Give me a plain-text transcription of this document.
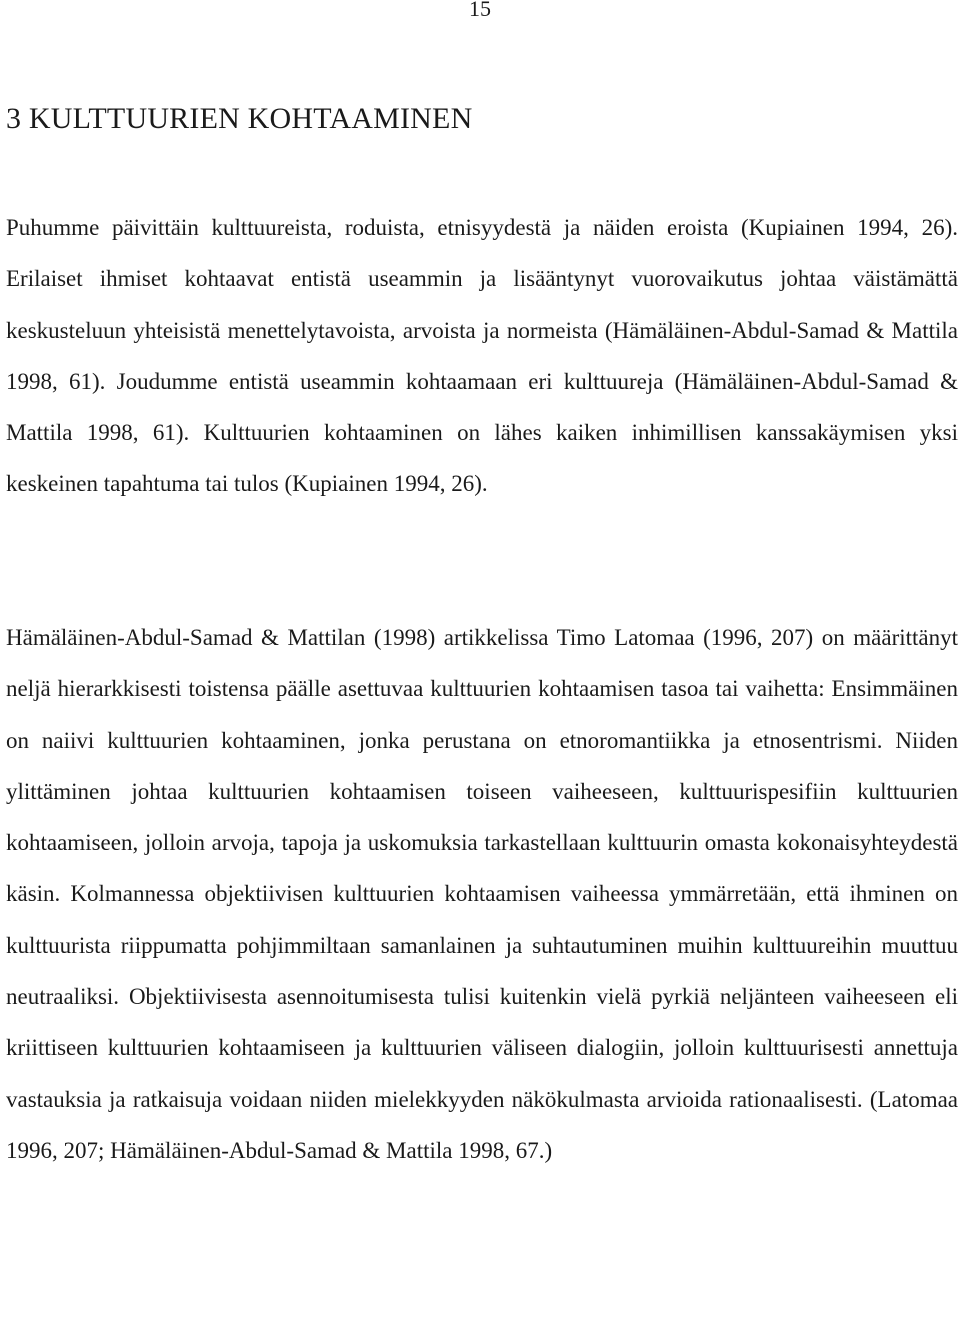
15
3 KULTTUURIEN KOHTAAMINEN

Puhumme päivittäin kulttuureista, roduista, etnisyydestä ja näiden eroista (Kupiainen 1994, 26). Erilaiset ihmiset kohtaavat entistä useammin ja lisääntynyt vuorovaikutus johtaa väistämättä keskusteluun yhteisistä menettelytavoista, arvoista ja normeista (Hämäläinen-Abdul-Samad & Mattila 1998, 61). Joudumme entistä useammin kohtaamaan eri kulttuureja (Hämäläinen-Abdul-Samad & Mattila 1998, 61). Kulttuurien kohtaaminen on lähes kaiken inhimillisen kanssakäymisen yksi keskeinen tapahtuma tai tulos (Kupiainen 1994, 26).

Hämäläinen-Abdul-Samad & Mattilan (1998) artikkelissa Timo Latomaa (1996, 207) on määrittänyt neljä hierarkkisesti toistensa päälle asettuvaa kulttuurien kohtaamisen tasoa tai vaihetta: Ensimmäinen on naiivi kulttuurien kohtaaminen, jonka perustana on etnoromantiikka ja etnosentrismi. Niiden ylittäminen johtaa kulttuurien kohtaamisen toiseen vaiheeseen, kulttuurispesifiin kulttuurien kohtaamiseen, jolloin arvoja, tapoja ja uskomuksia tarkastellaan kulttuurin omasta kokonaisyhteydestä käsin. Kolmannessa objektiivisen kulttuurien kohtaamisen vaiheessa ymmärretään, että ihminen on kulttuurista riippumatta pohjimmiltaan samanlainen ja suhtautuminen muihin kulttuureihin muuttuu neutraaliksi. Objektiivisesta asennoitumisesta tulisi kuitenkin vielä pyrkiä neljänteen vaiheeseen eli kriittiseen kulttuurien kohtaamiseen ja kulttuurien väliseen dialogiin, jolloin kulttuurisesti annettuja vastauksia ja ratkaisuja voidaan niiden mielekkyyden näkökulmasta arvioida rationaalisesti. (Latomaa 1996, 207; Hämäläinen-Abdul-Samad & Mattila 1998, 67.)
